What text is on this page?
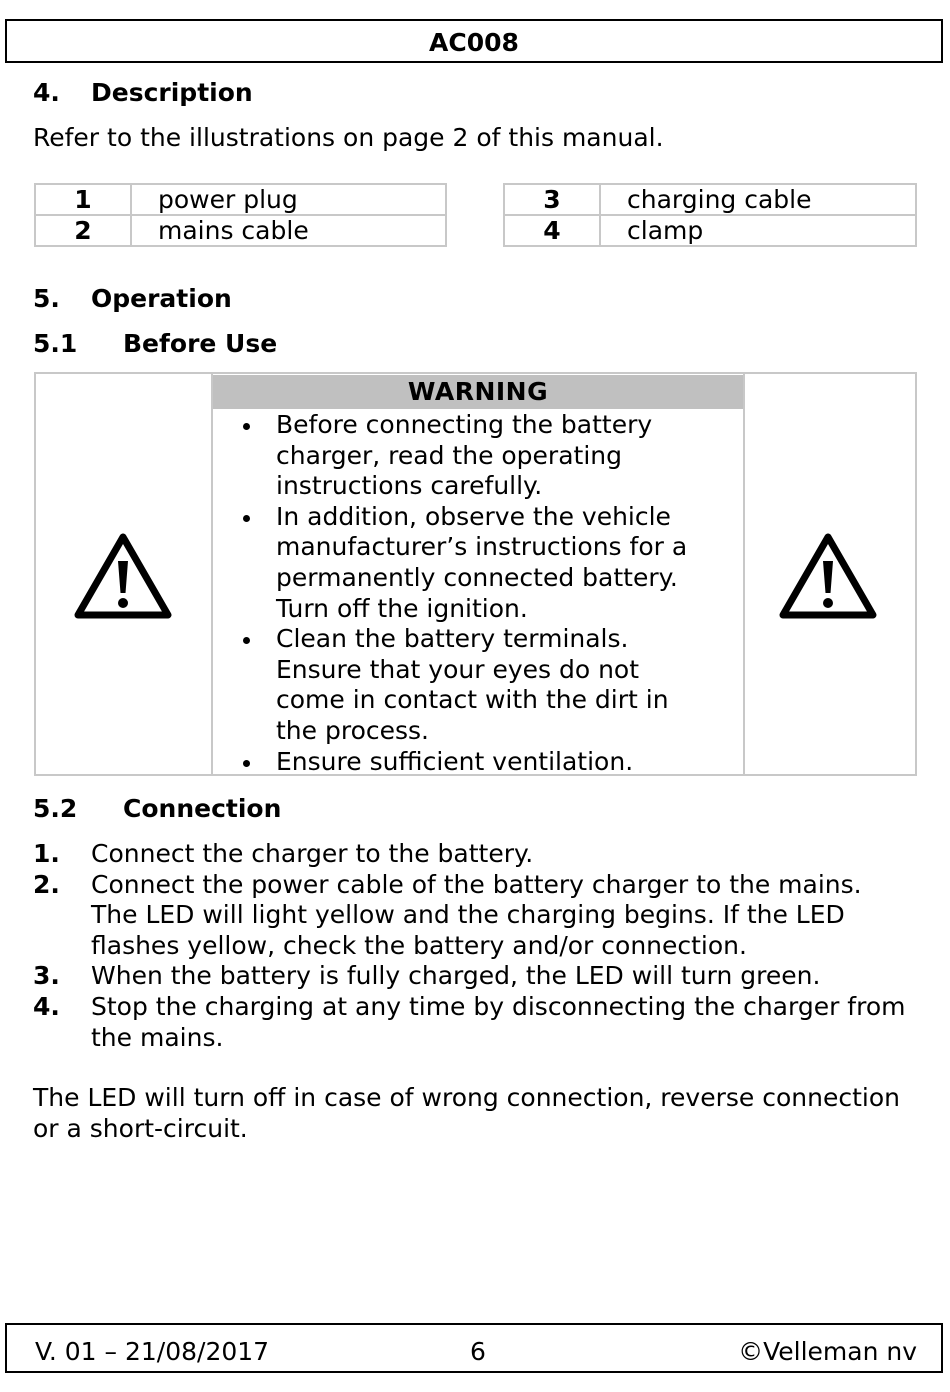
AC008
4. Description
Refer to the illustrations on page 2 of this manual.
1	power plug
2	mains cable
3	charging cable
4	clamp
5. Operation
5.1 Before Use
WARNING
Before connecting the battery
charger, read the operating
instructions carefully.
In addition, observe the vehicle
manufacturer’s instructions for a
permanently connected battery.
Turn off the ignition.
Clean the battery terminals.
Ensure that your eyes do not
come in contact with the dirt in
the process.
Ensure sufficient ventilation.
5.2 Connection
1. Connect the charger to the battery.
2. Connect the power cable of the battery charger to the mains.
The LED will light yellow and the charging begins. If the LED
flashes yellow, check the battery and/or connection.
3. When the battery is fully charged, the LED will turn green.
4. Stop the charging at any time by disconnecting the charger from
the mains.
The LED will turn off in case of wrong connection, reverse connection
or a short-circuit.
V. 01 – 21/08/2017	6	©Velleman nv
